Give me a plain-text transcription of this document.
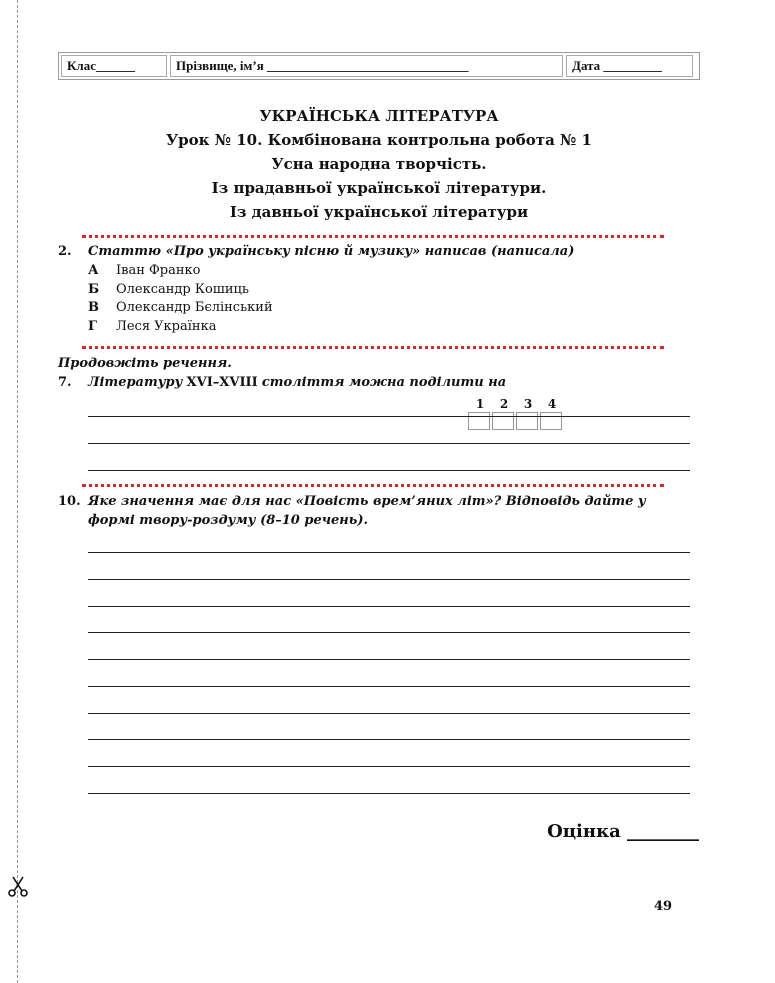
Клас______	Прізвище, ім’я _______________________________	Дата _________
УКРАЇНСЬКА ЛІТЕРАТУРА
Урок № 10. Комбінована контрольна робота № 1
Усна народна творчість.
Із прадавньої української літератури.
Із давньої української літератури
2. Статтю «Про українську пісню й музику» написав (написала)
А	Іван Франко
Б	Олександр Кошиць
В	Олександр Бєлінський
Г	Леся Українка
Продовжіть речення.
7. Літературу XVI–XVIII століття можна поділити на
1	2	3	4
10. Яке значення має для нас «Повість врем’яних літ»? Відповідь дайте у
формі твору-роздуму (8–10 речень).
Оцінка ________
49
